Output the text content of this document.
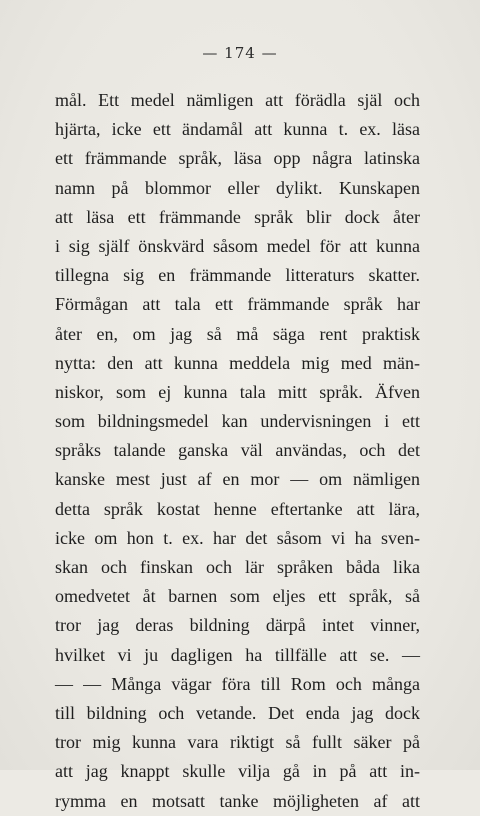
— 174 —
mål. Ett medel nämligen att förädla själ och
hjärta, icke ett ändamål att kunna t. ex. läsa
ett främmande språk, läsa opp några latinska
namn på blommor eller dylikt. Kunskapen
att läsa ett främmande språk blir dock åter
i sig själf önskvärd såsom medel för att kunna
tillegna sig en främmande litteraturs skatter.
Förmågan att tala ett främmande språk har
åter en, om jag så må säga rent praktisk
nytta: den att kunna meddela mig med män-
niskor, som ej kunna tala mitt språk. Äfven
som bildningsmedel kan undervisningen i ett
språks talande ganska väl användas, och det
kanske mest just af en mor — om nämligen
detta språk kostat henne eftertanke att lära,
icke om hon t. ex. har det såsom vi ha sven-
skan och finskan och lär språken båda lika
omedvetet åt barnen som eljes ett språk, så
tror jag deras bildning därpå intet vinner,
hvilket vi ju dagligen ha tillfälle att se. —
— — Många vägar föra till Rom och många
till bildning och vetande. Det enda jag dock
tror mig kunna vara riktigt så fullt säker på
att jag knappt skulle vilja gå in på att in-
rymma en motsatt tanke möjligheten af att
